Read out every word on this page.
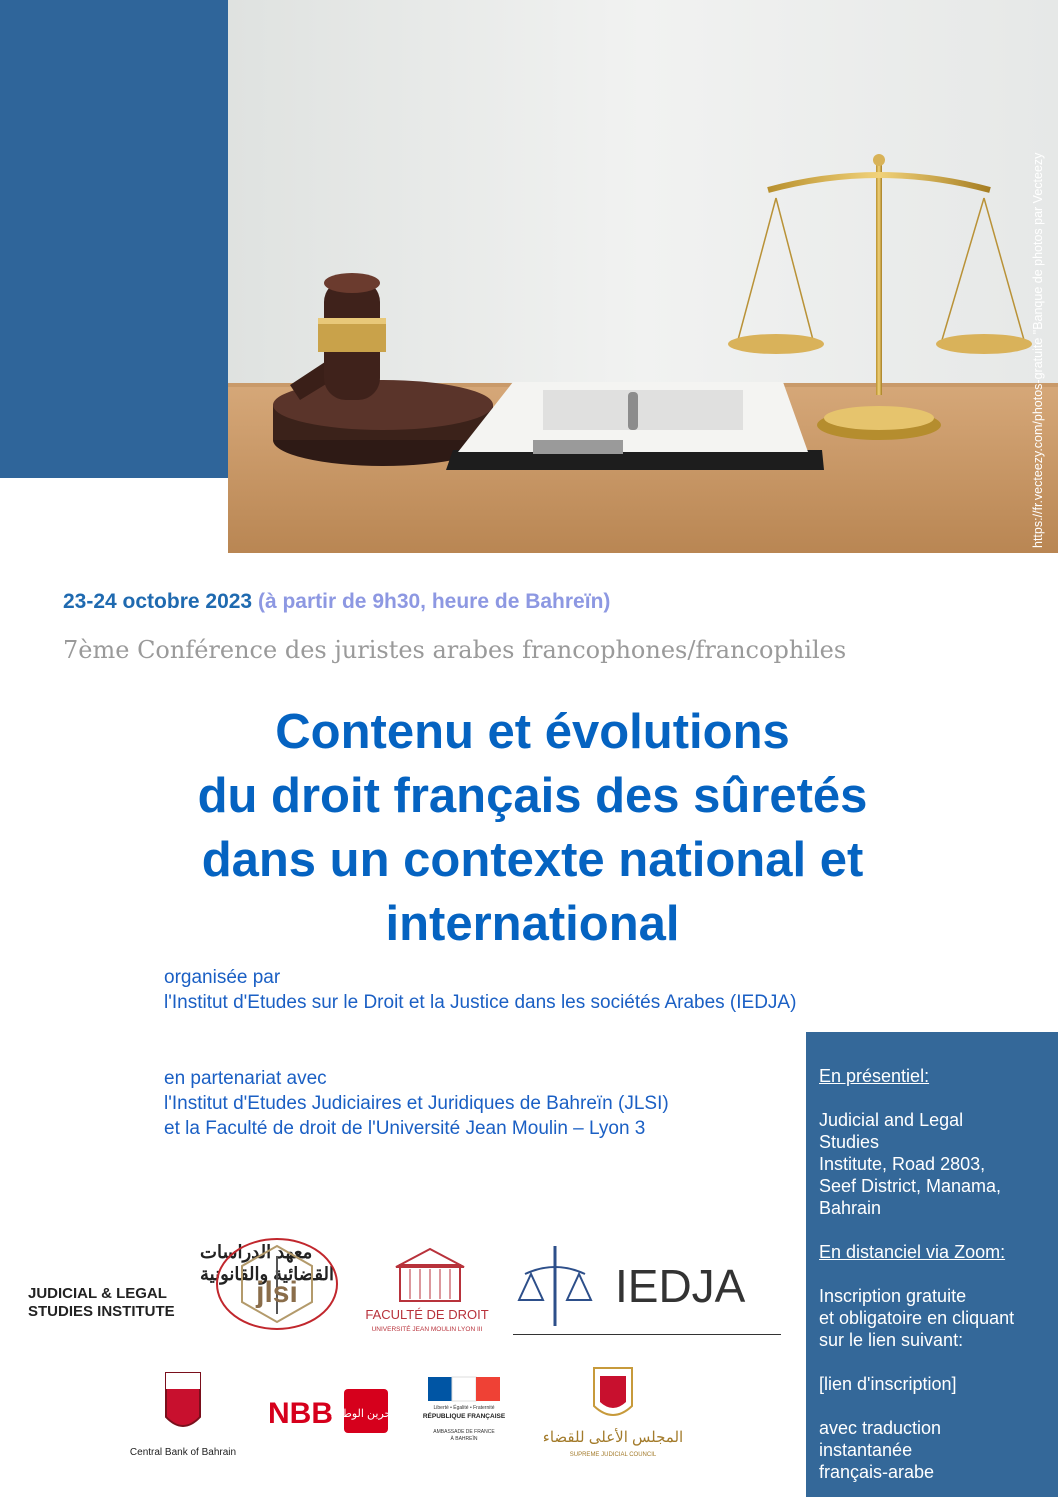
https://fr.vecteezy.com/photos-gratuite "Banque de photos par Vecteezy
23-24 octobre 2023 (à partir de 9h30, heure de Bahreïn)
7ème Conférence des juristes arabes francophones/francophiles
Contenu et évolutions
du droit français des sûretés
dans un contexte national et
international
organisée par
l'Institut d'Etudes sur le Droit et la Justice dans les sociétés Arabes (IEDJA)
en partenariat avec
l'Institut d'Etudes Judiciaires et Juridiques de Bahreïn (JLSI)
et la Faculté de droit de l'Université Jean Moulin – Lyon 3
En présentiel:
Judicial and Legal
Studies
Institute, Road 2803,
Seef District, Manama,
Bahrain
En distanciel via Zoom:
Inscription gratuite
et obligatoire en cliquant
sur le lien suivant:
[lien d'inscription]
avec traduction
instantanée
français-arabe
معهد الدراسات
القضائية والقانونية
JUDICIAL & LEGAL
STUDIES INSTITUTE
jlsi
FACULTÉ DE DROIT
UNIVERSITÉ JEAN MOULIN LYON III
IEDJA
Central Bank of Bahrain
NBB
البحرين الوطني	Liberté • Égalité • Fraternité
RÉPUBLIQUE FRANÇAISE
AMBASSADE DE FRANCE
À BAHREÏN	المجلس الأعلى للقضاء
SUPREME JUDICIAL COUNCIL
